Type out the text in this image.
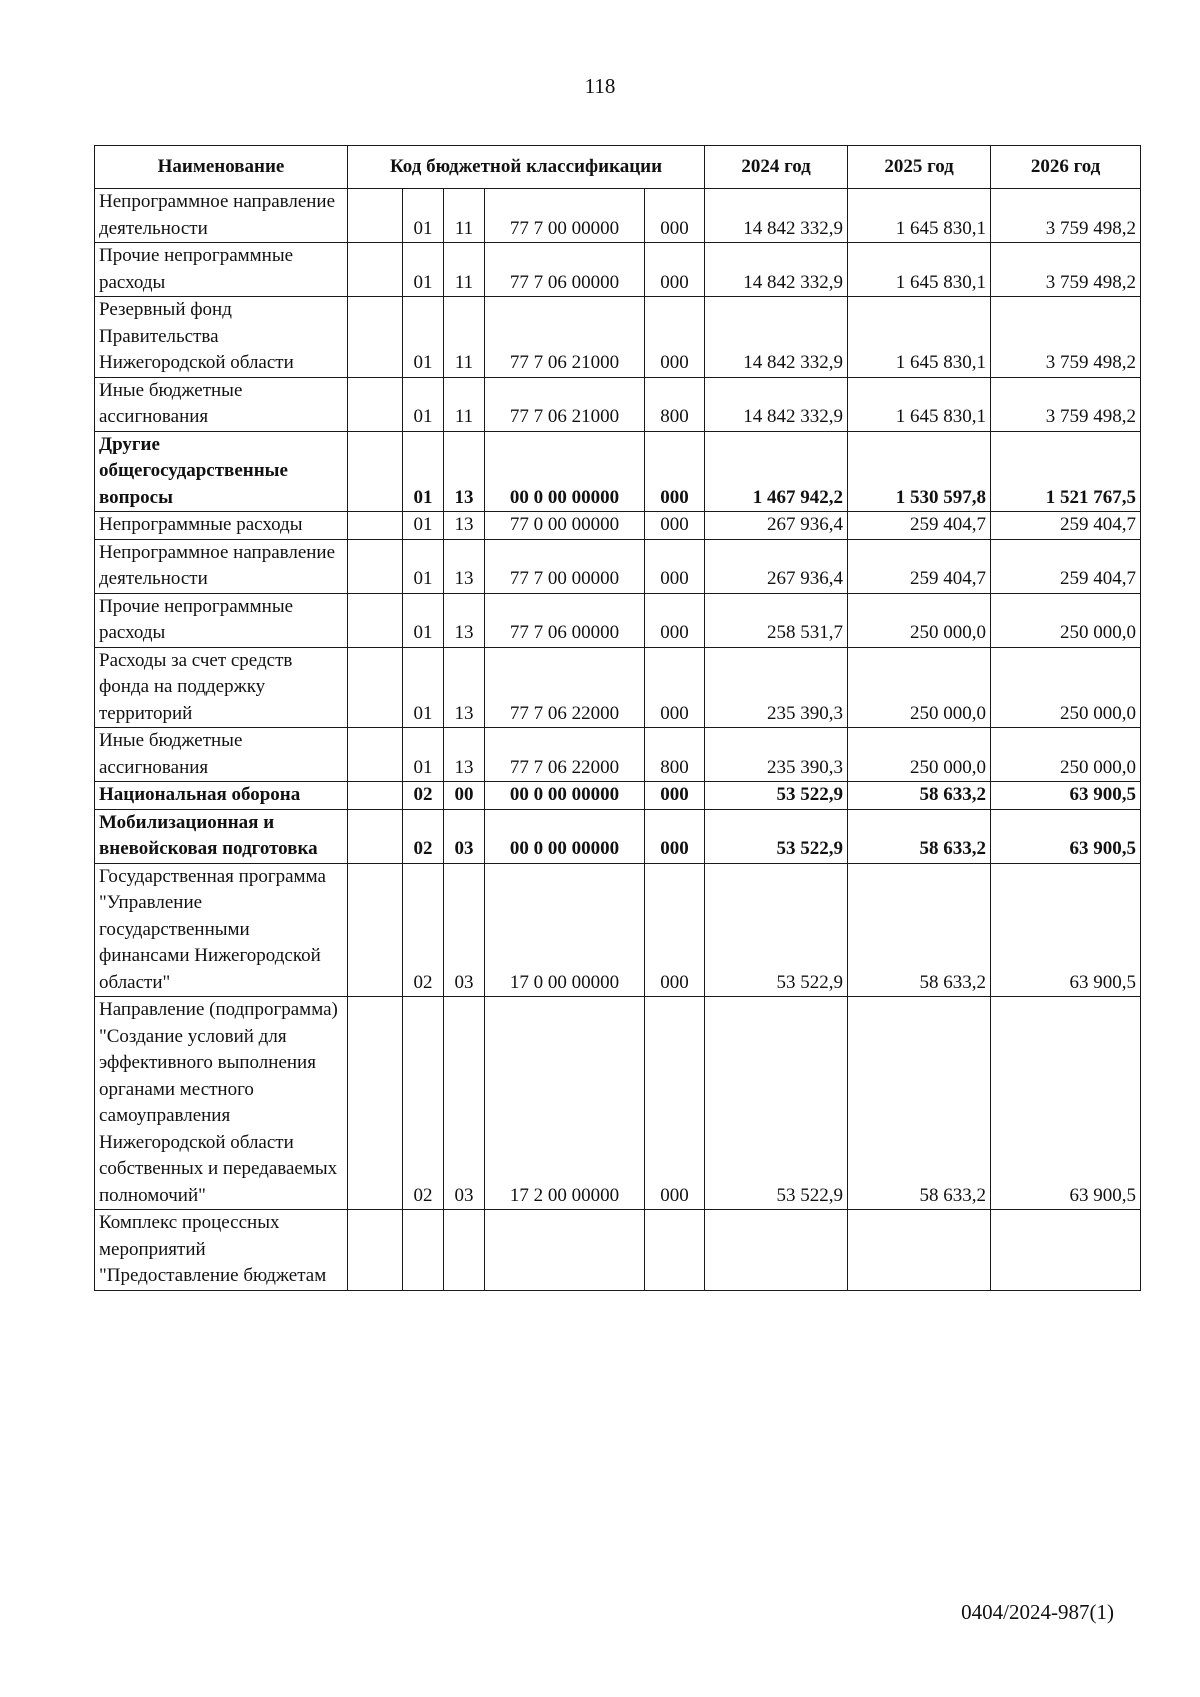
118
Наименование	Код бюджетной классификации					2024 год	2025 год	2026 год
Непрограммное направление деятельности		01	11	77 7 00 00000	000	14 842 332,9	1 645 830,1	3 759 498,2
Прочие непрограммные расходы		01	11	77 7 06 00000	000	14 842 332,9	1 645 830,1	3 759 498,2
Резервный фонд Правительства Нижегородской области		01	11	77 7 06 21000	000	14 842 332,9	1 645 830,1	3 759 498,2
Иные бюджетные ассигнования		01	11	77 7 06 21000	800	14 842 332,9	1 645 830,1	3 759 498,2
Другие общегосударственные вопросы		01	13	00 0 00 00000	000	1 467 942,2	1 530 597,8	1 521 767,5
Непрограммные расходы		01	13	77 0 00 00000	000	267 936,4	259 404,7	259 404,7
Непрограммное направление деятельности		01	13	77 7 00 00000	000	267 936,4	259 404,7	259 404,7
Прочие непрограммные расходы		01	13	77 7 06 00000	000	258 531,7	250 000,0	250 000,0
Расходы за счет средств фонда на поддержку территорий		01	13	77 7 06 22000	000	235 390,3	250 000,0	250 000,0
Иные бюджетные ассигнования		01	13	77 7 06 22000	800	235 390,3	250 000,0	250 000,0
Национальная оборона		02	00	00 0 00 00000	000	53 522,9	58 633,2	63 900,5
Мобилизационная и вневойсковая подготовка		02	03	00 0 00 00000	000	53 522,9	58 633,2	63 900,5
Государственная программа "Управление государственными финансами Нижегородской области"		02	03	17 0 00 00000	000	53 522,9	58 633,2	63 900,5
Направление (подпрограмма) "Создание условий для эффективного выполнения органами местного самоуправления Нижегородской области собственных и передаваемых полномочий"		02	03	17 2 00 00000	000	53 522,9	58 633,2	63 900,5
Комплекс процессных мероприятий "Предоставление бюджетам								
0404/2024-987(1)
